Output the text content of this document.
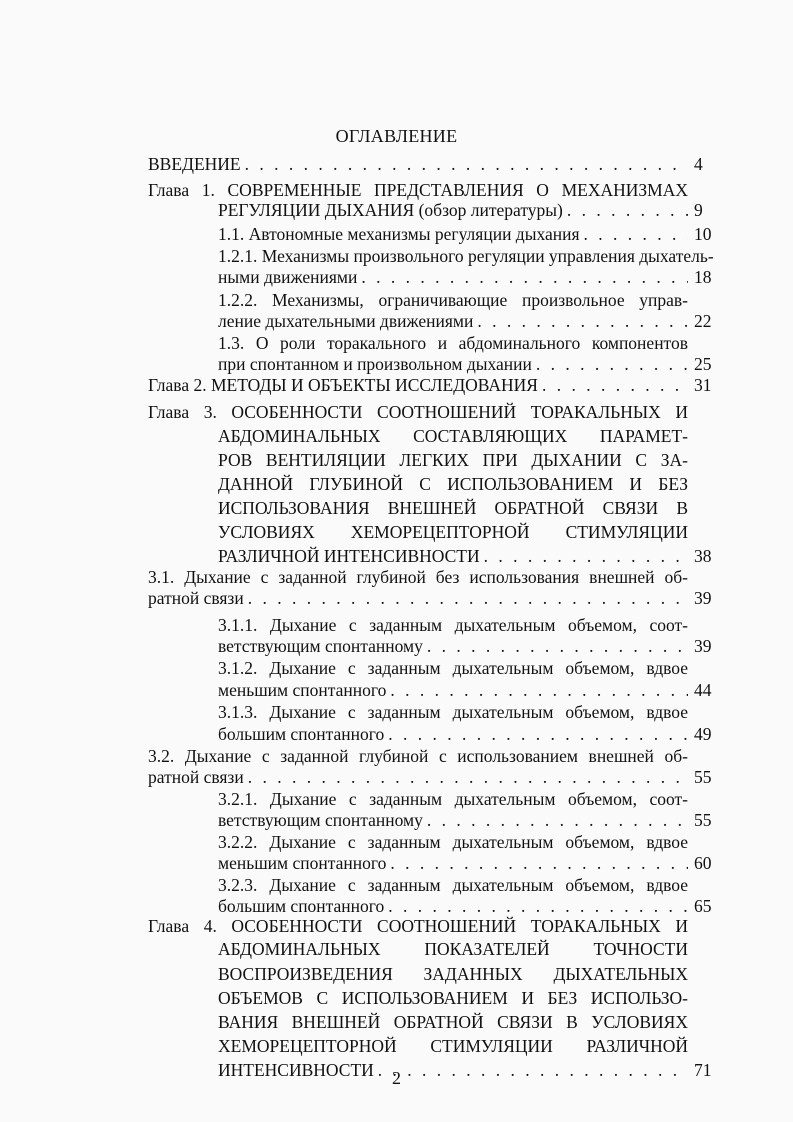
ОГЛАВЛЕНИЕ
ВВЕДЕНИЕ . . .	4
Глава 1. СОВРЕМЕННЫЕ ПРЕДСТАВЛЕНИЯ О МЕХАНИЗМАХ
РЕГУЛЯЦИИ ДЫХАНИЯ (обзор литературы) . . .	9
1.1. Автономные механизмы регуляции дыхания . . .	10
1.2.1. Механизмы произвольного регуляции управления дыхатель-
ными движениями . . .	18
1.2.2. Механизмы, ограничивающие произвольное управ-
ление дыхательными движениями . . .	22
1.3. О роли торакального и абдоминального компонентов
при спонтанном и произвольном дыхании . . .	25
Глава 2. МЕТОДЫ И ОБЪЕКТЫ ИССЛЕДОВАНИЯ . . .	31
Глава 3. ОСОБЕННОСТИ СООТНОШЕНИЙ ТОРАКАЛЬНЫХ И
АБДОМИНАЛЬНЫХ СОСТАВЛЯЮЩИХ ПАРАМЕТ-
РОВ ВЕНТИЛЯЦИИ ЛЕГКИХ ПРИ ДЫХАНИИ С ЗА-
ДАННОЙ ГЛУБИНОЙ С ИСПОЛЬЗОВАНИЕМ И БЕЗ
ИСПОЛЬЗОВАНИЯ ВНЕШНЕЙ ОБРАТНОЙ СВЯЗИ В
УСЛОВИЯХ ХЕМОРЕЦЕПТОРНОЙ СТИМУЛЯЦИИ
РАЗЛИЧНОЙ ИНТЕНСИВНОСТИ . . .	38
3.1. Дыхание с заданной глубиной без использования внешней об-
ратной связи . . .	39
3.1.1. Дыхание с заданным дыхательным объемом, соот-
ветствующим спонтанному . . .	39
3.1.2. Дыхание с заданным дыхательным объемом, вдвое
меньшим спонтанного . . .	44
3.1.3. Дыхание с заданным дыхательным объемом, вдвое
большим спонтанного . . .	49
3.2. Дыхание с заданной глубиной с использованием внешней об-
ратной связи . . .	55
3.2.1. Дыхание с заданным дыхательным объемом, соот-
ветствующим спонтанному . . .	55
3.2.2. Дыхание с заданным дыхательным объемом, вдвое
меньшим спонтанного . . .	60
3.2.3. Дыхание с заданным дыхательным объемом, вдвое
большим спонтанного . . .	65
Глава 4. ОСОБЕННОСТИ СООТНОШЕНИЙ ТОРАКАЛЬНЫХ И
АБДОМИНАЛЬНЫХ ПОКАЗАТЕЛЕЙ ТОЧНОСТИ
ВОСПРОИЗВЕДЕНИЯ ЗАДАННЫХ ДЫХАТЕЛЬНЫХ
ОБЪЕМОВ С ИСПОЛЬЗОВАНИЕМ И БЕЗ ИСПОЛЬЗО-
ВАНИЯ ВНЕШНЕЙ ОБРАТНОЙ СВЯЗИ В УСЛОВИЯХ
ХЕМОРЕЦЕПТОРНОЙ СТИМУЛЯЦИИ РАЗЛИЧНОЙ
ИНТЕНСИВНОСТИ . . .	71
2
